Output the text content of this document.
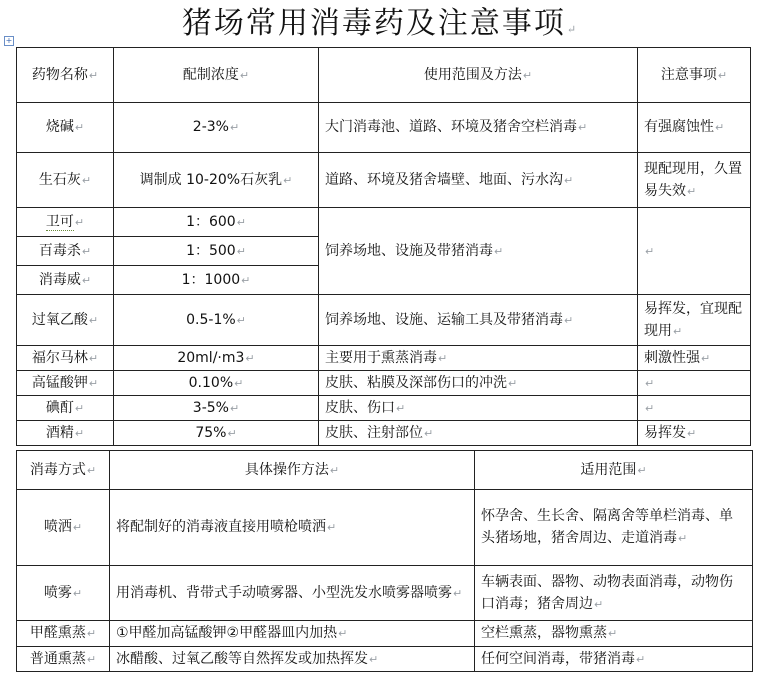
猪场常用消毒药及注意事项↵
+
药物名称↵	配制浓度↵	使用范围及方法↵	注意事项↵
烧碱↵	2-3%↵	大门消毒池、道路、环境及猪舍空栏消毒↵	有强腐蚀性↵
生石灰↵	调制成 10-20%石灰乳↵	道路、环境及猪舍墙壁、地面、污水沟↵	现配现用，久置易失效↵
卫可↵	1：600↵	饲养场地、设施及带猪消毒↵	↵
百毒杀↵	1：500↵		
消毒威↵	1：1000↵		
过氧乙酸↵	0.5-1%↵	饲养场地、设施、运输工具及带猪消毒↵	易挥发，宜现配现用↵
福尔马林↵	20ml/·m3↵	主要用于熏蒸消毒↵	刺激性强↵
高锰酸钾↵	0.10%↵	皮肤、粘膜及深部伤口的冲洗↵	↵
碘酊↵	3-5%↵	皮肤、伤口↵	↵
酒精↵	75%↵	皮肤、注射部位↵	易挥发↵
消毒方式↵	具体操作方法↵	适用范围↵
喷洒↵	将配制好的消毒液直接用喷枪喷洒↵	怀孕舍、生长舍、隔离舍等单栏消毒、单头猪场地，猪舍周边、走道消毒↵
喷雾↵	用消毒机、背带式手动喷雾器、小型洗发水喷雾器喷雾↵	车辆表面、器物、动物表面消毒，动物伤口消毒；猪舍周边↵
甲醛熏蒸↵	①甲醛加高锰酸钾②甲醛器皿内加热↵	空栏熏蒸，器物熏蒸↵
普通熏蒸↵	冰醋酸、过氧乙酸等自然挥发或加热挥发↵	任何空间消毒，带猪消毒↵
